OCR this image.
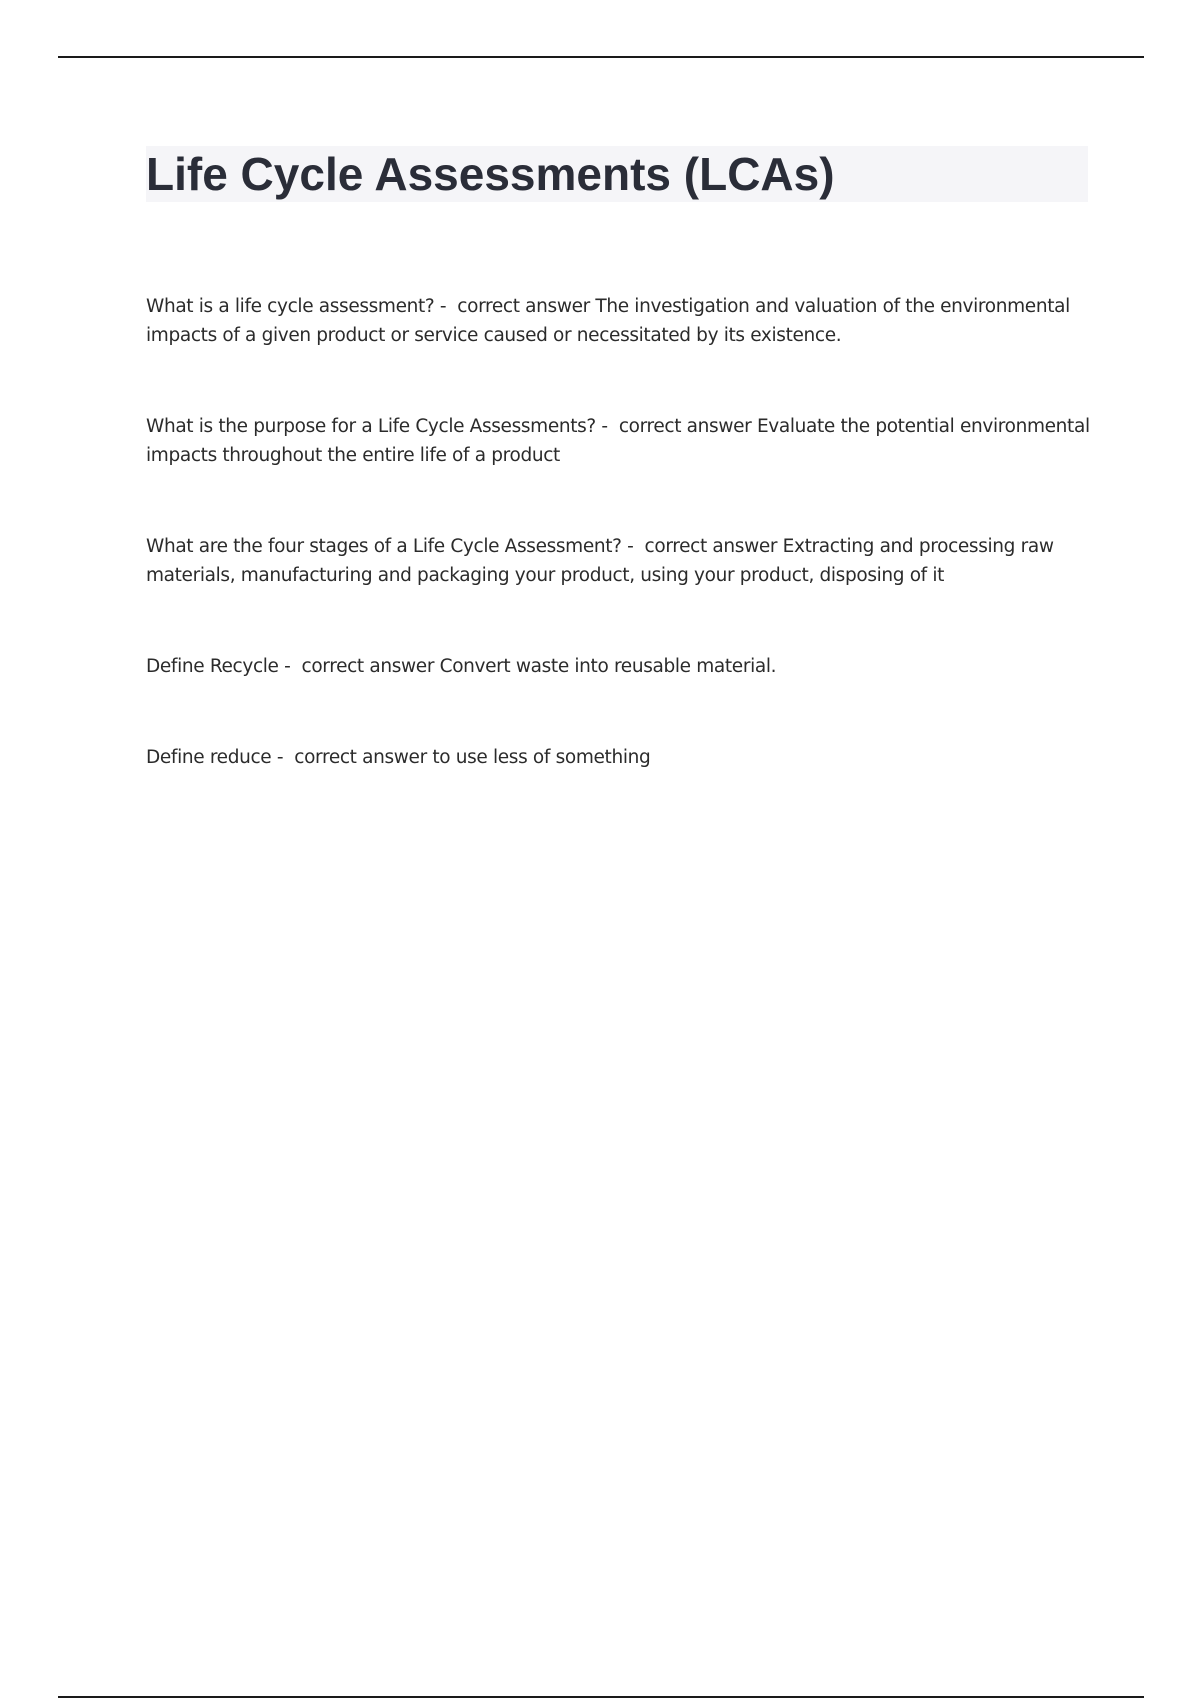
Life Cycle Assessments (LCAs)

What is a life cycle assessment? -  correct answer The investigation and valuation of the environmental impacts of a given product or service caused or necessitated by its existence.

What is the purpose for a Life Cycle Assessments? -  correct answer Evaluate the potential environmental impacts throughout the entire life of a product

What are the four stages of a Life Cycle Assessment? -  correct answer Extracting and processing raw materials, manufacturing and packaging your product, using your product, disposing of it

Define Recycle -  correct answer Convert waste into reusable material.

Define reduce -  correct answer to use less of something
